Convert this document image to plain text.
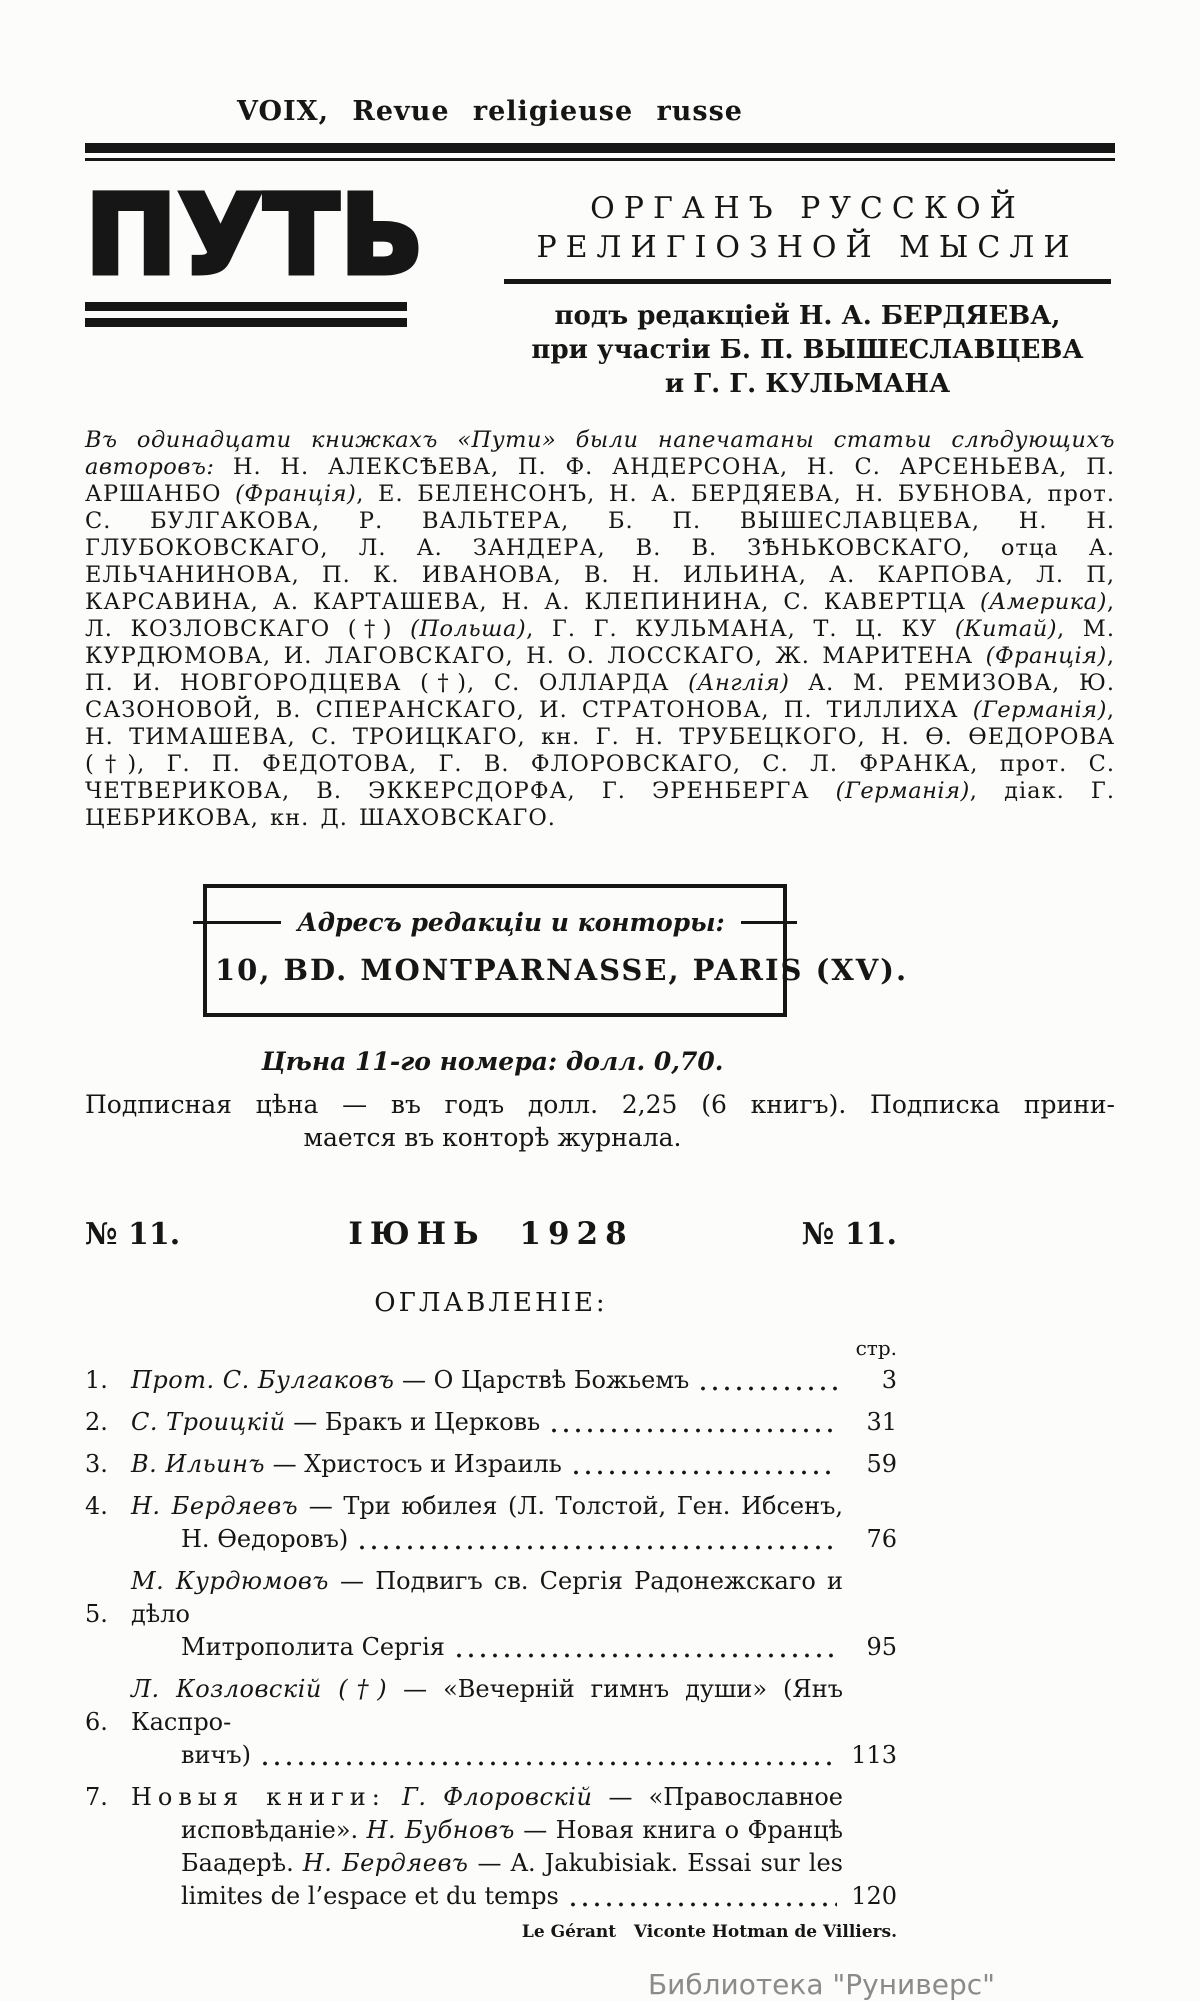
VOIX, Revue religieuse russe
ПУТЬ	ОРГАНЪ РУССКОЙ
РЕЛИГІОЗНОЙ МЫСЛИ
подъ редакціей Н. А. БЕРДЯЕВА,
при участіи Б. П. ВЫШЕСЛАВЦЕВА
и Г. Г. КУЛЬМАНА

Въ одинадцати книжкахъ «Пути» были напечатаны статьи слѣдующихъ авторовъ: Н. Н. АЛЕКСѢЕВА, П. Ф. АНДЕРСОНА, Н. С. АРСЕНЬЕВА, П. АРШАНБО (Франція), Е. БЕЛЕНСОНЪ, Н. А. БЕРДЯЕВА, Н. БУБНОВА, прот. С. БУЛГАКОВА, Р. ВАЛЬТЕРА, Б. П. ВЫШЕСЛАВЦЕВА, Н. Н. ГЛУБОКОВСКАГО, Л. А. ЗАНДЕРА, В. В. ЗѢНЬКОВСКАГО, отца А. ЕЛЬЧАНИНОВА, П. К. ИВАНОВА, В. Н. ИЛЬИНА, А. КАРПОВА, Л. П, КАРСАВИНА, А. КАРТАШЕВА, Н. А. КЛЕПИНИНА, С. КАВЕРТЦА (Америка), Л. КОЗЛОВСКАГО (†) (Польша), Г. Г. КУЛЬМАНА, Т. Ц. КУ (Китай), М. КУРДЮМОВА, И. ЛАГОВСКАГО, Н. О. ЛОССКАГО, Ж. МАРИТЕНА (Франція), П. И. НОВГОРОДЦЕВА (†), С. ОЛЛАРДА (Англія) А. М. РЕМИЗОВА, Ю. САЗОНОВОЙ, В. СПЕРАНСКАГО, И. СТРАТОНОВА, П. ТИЛЛИХА (Германія), Н. ТИМАШЕВА, С. ТРОИЦКАГО, кн. Г. Н. ТРУБЕЦКОГО, Н. Ѳ. ѲЕДОРОВА (†), Г. П. ФЕДОТОВА, Г. В. ФЛОРОВСКАГО, С. Л. ФРАНКА, прот. С. ЧЕТВЕРИКОВА, В. ЭККЕРСДОРФА, Г. ЭРЕНБЕРГА (Германія), діак. Г. ЦЕБРИКОВА, кн. Д. ШАХОВСКАГО.

Адресъ редакціи и конторы:
10, BD. MONTPARNASSE, PARIS (XV).
Цѣна 11-го номера: долл. 0,70.
Подписная цѣна — въ годъ долл. 2,25 (6 книгъ). Подписка прини-
мается въ конторѣ журнала.
№ 11.	ІЮНЬ 1928	№ 11.
ОГЛАВЛЕНІЕ:
стр.
1. Прот. С. Булгаковъ — О Царствѣ Божьемъ	3
2. С. Троицкій — Бракъ и Церковь	31
3. В. Ильинъ — Христосъ и Израиль	59
4. Н. Бердяевъ — Три юбилея (Л. Толстой, Ген. Ибсенъ,
Н. Ѳедоровъ)	76
5.
М. Курдюмовъ — Подвигъ св. Сергія Радонежскаго и дѣло
Митрополита Сергія	95
6.
Л. Козловскій (†) — «Вечерній гимнъ души» (Янъ Каспро-
вичъ)	113
7. Новыя книги: Г. Флоровскій — «Православное
исповѣданіе». Н. Бубновъ — Новая книга о Францѣ
Баадерѣ. Н. Бердяевъ — A. Jakubisiak. Essai sur les
limites de l’espace et du temps	120
Le Gérant   Viconte Hotman de Villiers.
Библиотека "Руниверс"
